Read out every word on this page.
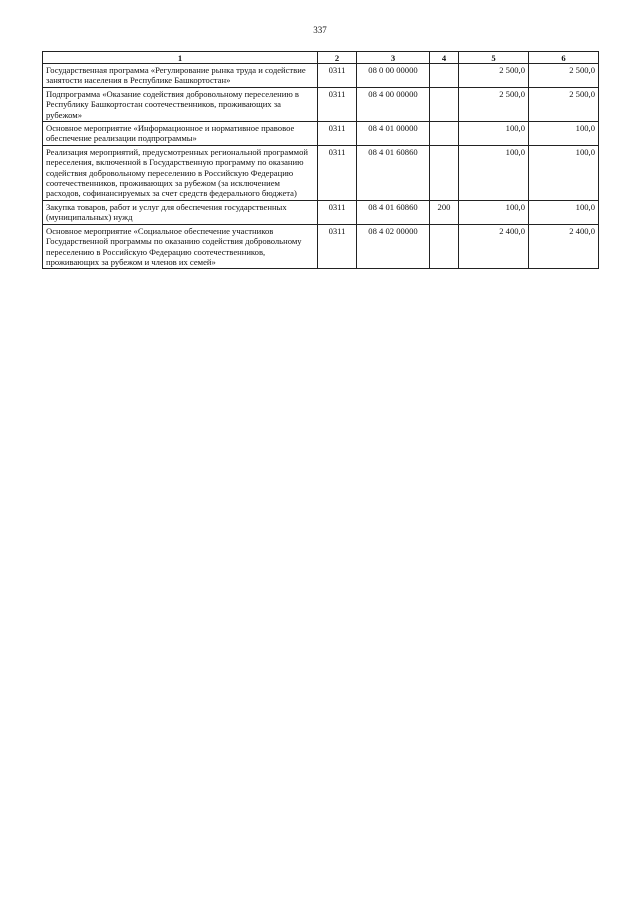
337
1	2	3	4	5	6
Государственная программа «Регулирование рынка труда и содействие занятости населения в Республике Башкортостан»	0311	08 0 00 00000		2 500,0	2 500,0
Подпрограмма «Оказание содействия добровольному переселению в Республику Башкортостан соотечественников, проживающих за рубежом»	0311	08 4 00 00000		2 500,0	2 500,0
Основное мероприятие «Информационное и нормативное правовое обеспечение реализации подпрограммы»	0311	08 4 01 00000		100,0	100,0
Реализация мероприятий, предусмотренных региональной программой переселения, включенной в Государственную программу по оказанию содействия добровольному переселению в Российскую Федерацию соотечественников, проживающих за рубежом (за исключением расходов, софинансируемых за счет средств федерального бюджета)	0311	08 4 01 60860		100,0	100,0
Закупка товаров, работ и услуг для обеспечения государственных (муниципальных) нужд	0311	08 4 01 60860	200	100,0	100,0
Основное мероприятие «Социальное обеспечение участников Государственной программы по оказанию содействия добровольному переселению в Российскую Федерацию соотечественников, проживающих за рубежом и членов их семей»	0311	08 4 02 00000		2 400,0	2 400,0
